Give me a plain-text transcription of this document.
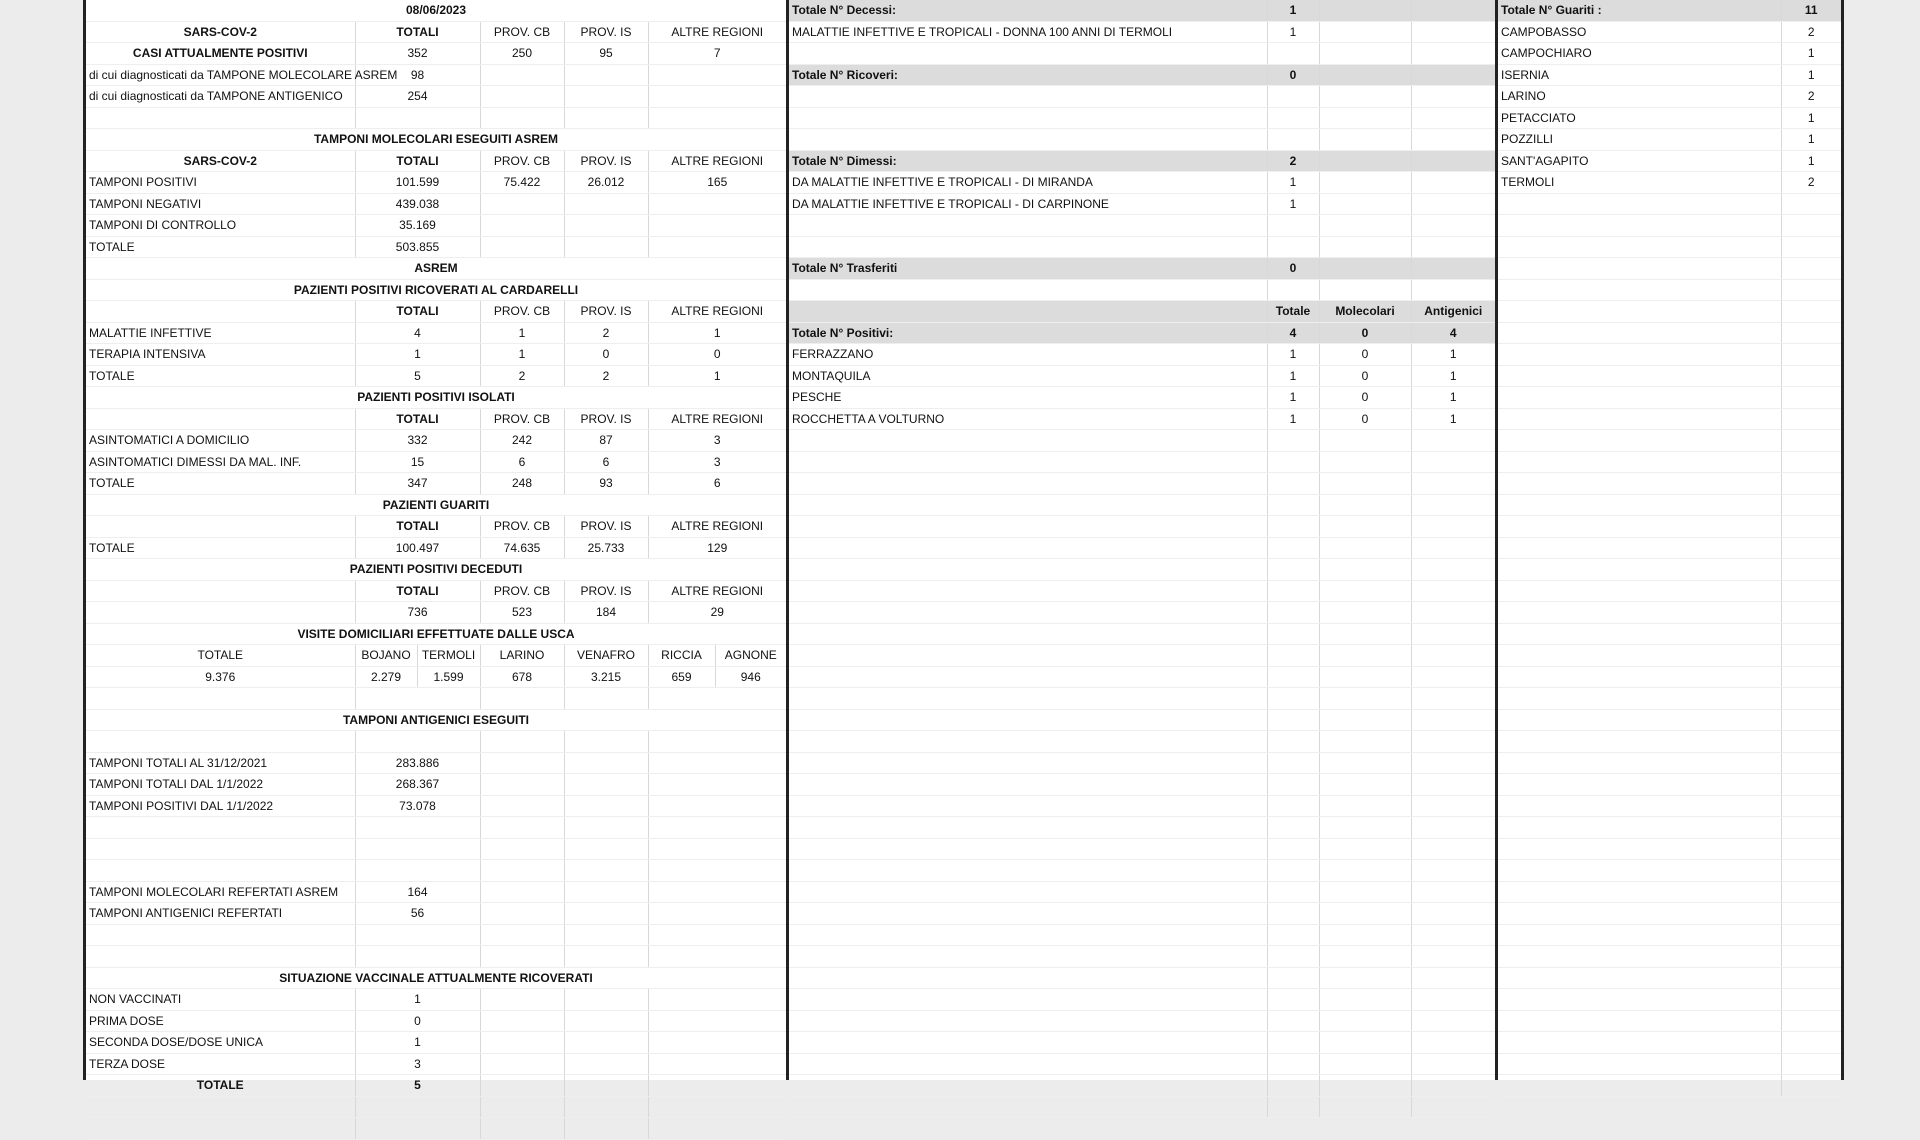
08/06/2023						
SARS-COV-2	TOTALI		PROV. CB	PROV. IS	ALTRE REGIONI	
CASI ATTUALMENTE POSITIVI	352		250	95	7	
di cui diagnosticati da TAMPONE MOLECOLARE ASREM	98					
di cui diagnosticati da TAMPONE ANTIGENICO	254					

TAMPONI MOLECOLARI ESEGUITI ASREM						
SARS-COV-2	TOTALI		PROV. CB	PROV. IS	ALTRE REGIONI	
TAMPONI POSITIVI	101.599		75.422	26.012	165	
TAMPONI NEGATIVI	439.038					
TAMPONI DI CONTROLLO	35.169					
TOTALE	503.855					
ASREM						
PAZIENTI POSITIVI RICOVERATI AL CARDARELLI						
	TOTALI		PROV. CB	PROV. IS	ALTRE REGIONI	
MALATTIE INFETTIVE	4		1	2	1	
TERAPIA INTENSIVA	1		1	0	0	
TOTALE	5		2	2	1	
PAZIENTI POSITIVI ISOLATI						
	TOTALI		PROV. CB	PROV. IS	ALTRE REGIONI	
ASINTOMATICI A DOMICILIO	332		242	87	3	
ASINTOMATICI DIMESSI DA MAL. INF.	15		6	6	3	
TOTALE	347		248	93	6	
PAZIENTI GUARITI						
	TOTALI		PROV. CB	PROV. IS	ALTRE REGIONI	
TOTALE	100.497		74.635	25.733	129	
PAZIENTI POSITIVI DECEDUTI						
	TOTALI		PROV. CB	PROV. IS	ALTRE REGIONI	
	736		523	184	29	
VISITE DOMICILIARI EFFETTUATE DALLE USCA						
TOTALE	BOJANO	TERMOLI	LARINO	VENAFRO	RICCIA	AGNONE
9.376	2.279	1.599	678	3.215	659	946

TAMPONI ANTIGENICI ESEGUITI						

TAMPONI TOTALI AL 31/12/2021	283.886					
TAMPONI TOTALI DAL 1/1/2022	268.367					
TAMPONI POSITIVI DAL 1/1/2022	73.078					

TAMPONI MOLECOLARI REFERTATI ASREM	164					
TAMPONI ANTIGENICI REFERTATI	56					

SITUAZIONE VACCINALE ATTUALMENTE RICOVERATI						
NON VACCINATI	1					
PRIMA DOSE	0					
SECONDA DOSE/DOSE UNICA	1					
TERZA DOSE	3					
TOTALE	5					

Totale N° Decessi:	1		
MALATTIE INFETTIVE E TROPICALI - DONNA 100 ANNI DI TERMOLI	1		

Totale N° Ricoveri:	0		

Totale N° Dimessi:	2		
DA MALATTIE INFETTIVE E TROPICALI - DI MIRANDA	1		
DA MALATTIE INFETTIVE E TROPICALI - DI CARPINONE	1		

Totale N° Trasferiti	0		

	Totale	Molecolari	Antigenici
Totale N° Positivi:	4	0	4
FERRAZZANO	1	0	1
MONTAQUILA	1	0	1
PESCHE	1	0	1
ROCCHETTA A VOLTURNO	1	0	1

Totale N° Guariti :	11
CAMPOBASSO	2
CAMPOCHIARO	1
ISERNIA	1
LARINO	2
PETACCIATO	1
POZZILLI	1
SANT'AGAPITO	1
TERMOLI	2
